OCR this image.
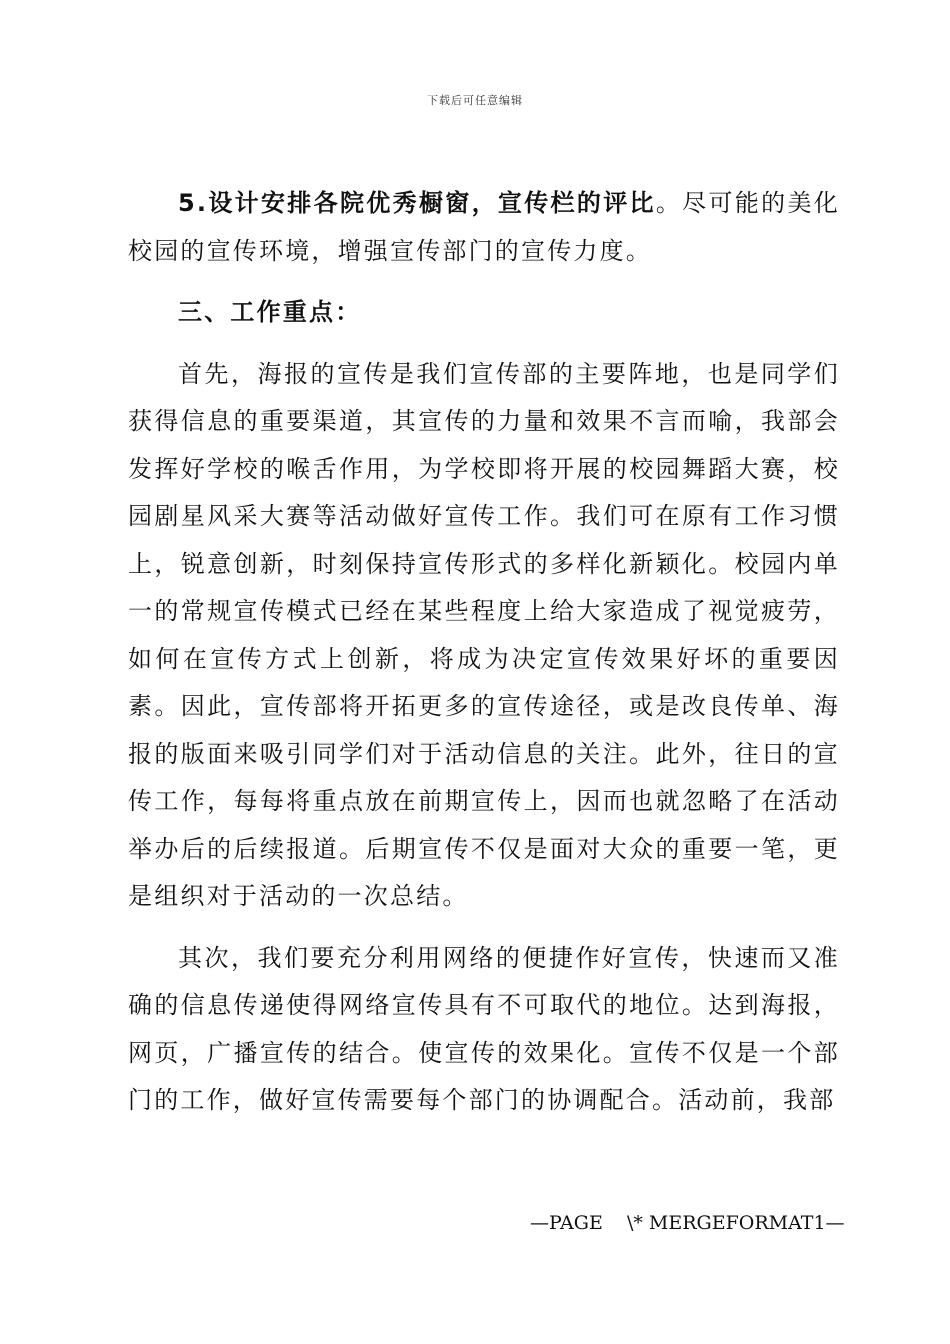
下载后可任意编辑

5.设计安排各院优秀橱窗，宣传栏的评比。尽可能的美化校园的宣传环境，增强宣传部门的宣传力度。

三、工作重点：

首先，海报的宣传是我们宣传部的主要阵地，也是同学们获得信息的重要渠道，其宣传的力量和效果不言而喻，我部会发挥好学校的喉舌作用，为学校即将开展的校园舞蹈大赛，校园剧星风采大赛等活动做好宣传工作。我们可在原有工作习惯上，锐意创新，时刻保持宣传形式的多样化新颖化。校园内单一的常规宣传模式已经在某些程度上给大家造成了视觉疲劳，如何在宣传方式上创新，将成为决定宣传效果好坏的重要因素。因此，宣传部将开拓更多的宣传途径，或是改良传单、海报的版面来吸引同学们对于活动信息的关注。此外，往日的宣传工作，每每将重点放在前期宣传上，因而也就忽略了在活动举办后的后续报道。后期宣传不仅是面对大众的重要一笔，更是组织对于活动的一次总结。

其次，我们要充分利用网络的便捷作好宣传，快速而又准确的信息传递使得网络宣传具有不可取代的地位。达到海报，网页，广播宣传的结合。使宣传的效果化。宣传不仅是一个部门的工作，做好宣传需要每个部门的协调配合。活动前，我部

—PAGE    \* MERGEFORMAT1—
